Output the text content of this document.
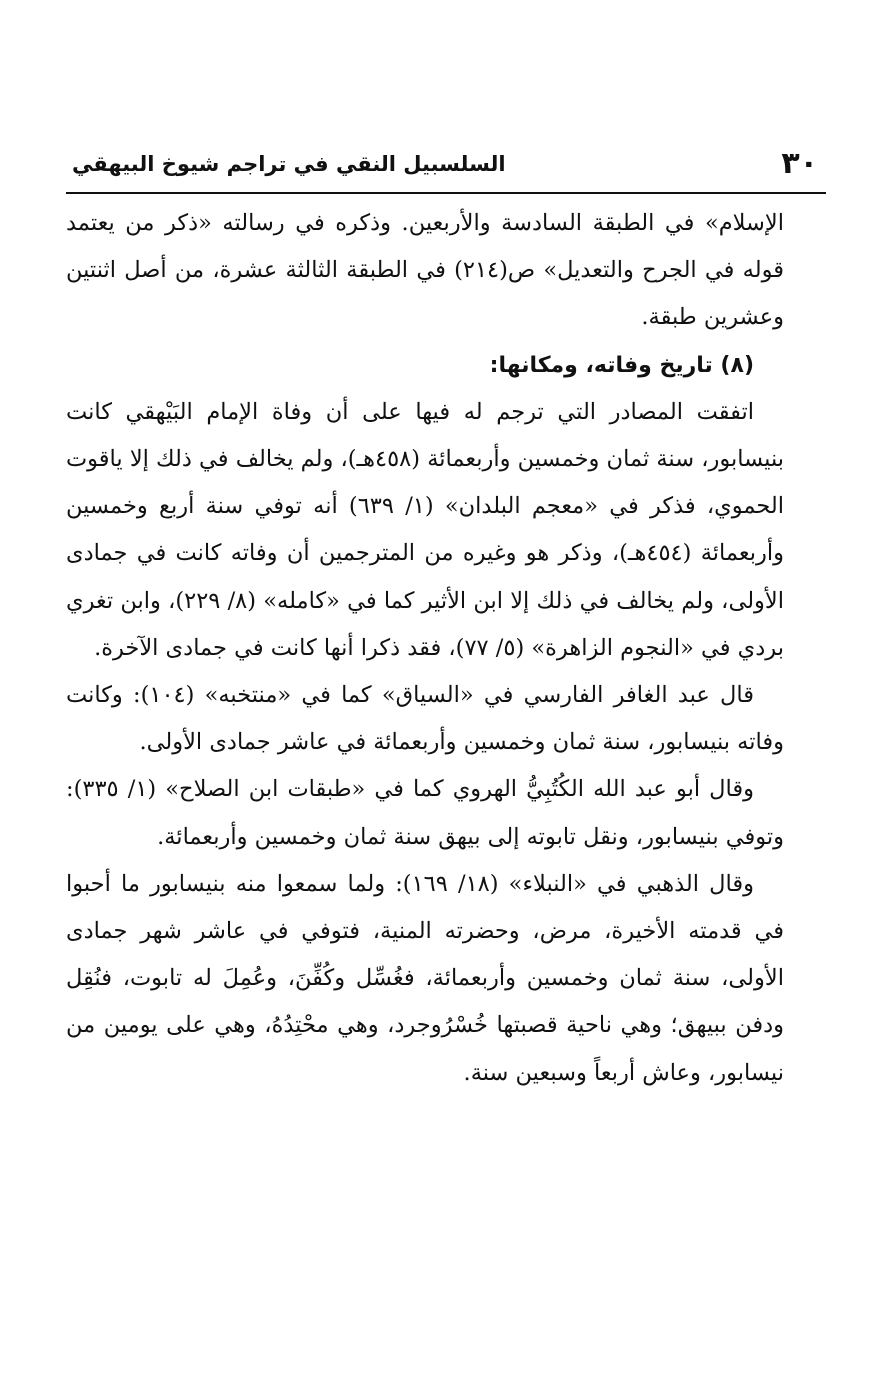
٣٠
السلسبيل النقي في تراجم شيوخ البيهقي

الإسلام» في الطبقة السادسة والأربعين. وذكره في رسالته «ذكر من يعتمد قوله في الجرح والتعديل» ص(٢١٤) في الطبقة الثالثة عشرة، من أصل اثنتين وعشرين طبقة.

(٨) تاريخ وفاته، ومكانها:

اتفقت المصادر التي ترجم له فيها على أن وفاة الإمام البَيْهقي كانت بنيسابور، سنة ثمان وخمسين وأربعمائة (٤٥٨هـ)، ولم يخالف في ذلك إلا ياقوت الحموي، فذكر في «معجم البلدان» (١/ ٦٣٩) أنه توفي سنة أربع وخمسين وأربعمائة (٤٥٤هـ)، وذكر هو وغيره من المترجمين أن وفاته كانت في جمادى الأولى، ولم يخالف في ذلك إلا ابن الأثير كما في «كامله» (٨/ ٢٢٩)، وابن تغري بردي في «النجوم الزاهرة» (٥/ ٧٧)، فقد ذكرا أنها كانت في جمادى الآخرة.

قال عبد الغافر الفارسي في «السياق» كما في «منتخبه» (١٠٤): وكانت وفاته بنيسابور، سنة ثمان وخمسين وأربعمائة في عاشر جمادى الأولى.

وقال أبو عبد الله الكُتُبِيُّ الهروي كما في «طبقات ابن الصلاح» (١/ ٣٣٥): وتوفي بنيسابور، ونقل تابوته إلى بيهق سنة ثمان وخمسين وأربعمائة.

وقال الذهبي في «النبلاء» (١٨/ ١٦٩): ولما سمعوا منه بنيسابور ما أحبوا في قدمته الأخيرة، مرض، وحضرته المنية، فتوفي في عاشر شهر جمادى الأولى، سنة ثمان وخمسين وأربعمائة، فغُسِّل وكُفِّنَ، وعُمِلَ له تابوت، فنُقِل ودفن ببيهق؛ وهي ناحية قصبتها خُسْرُوجرد، وهي محْتِدُهُ، وهي على يومين من نيسابور، وعاش أربعاً وسبعين سنة.
